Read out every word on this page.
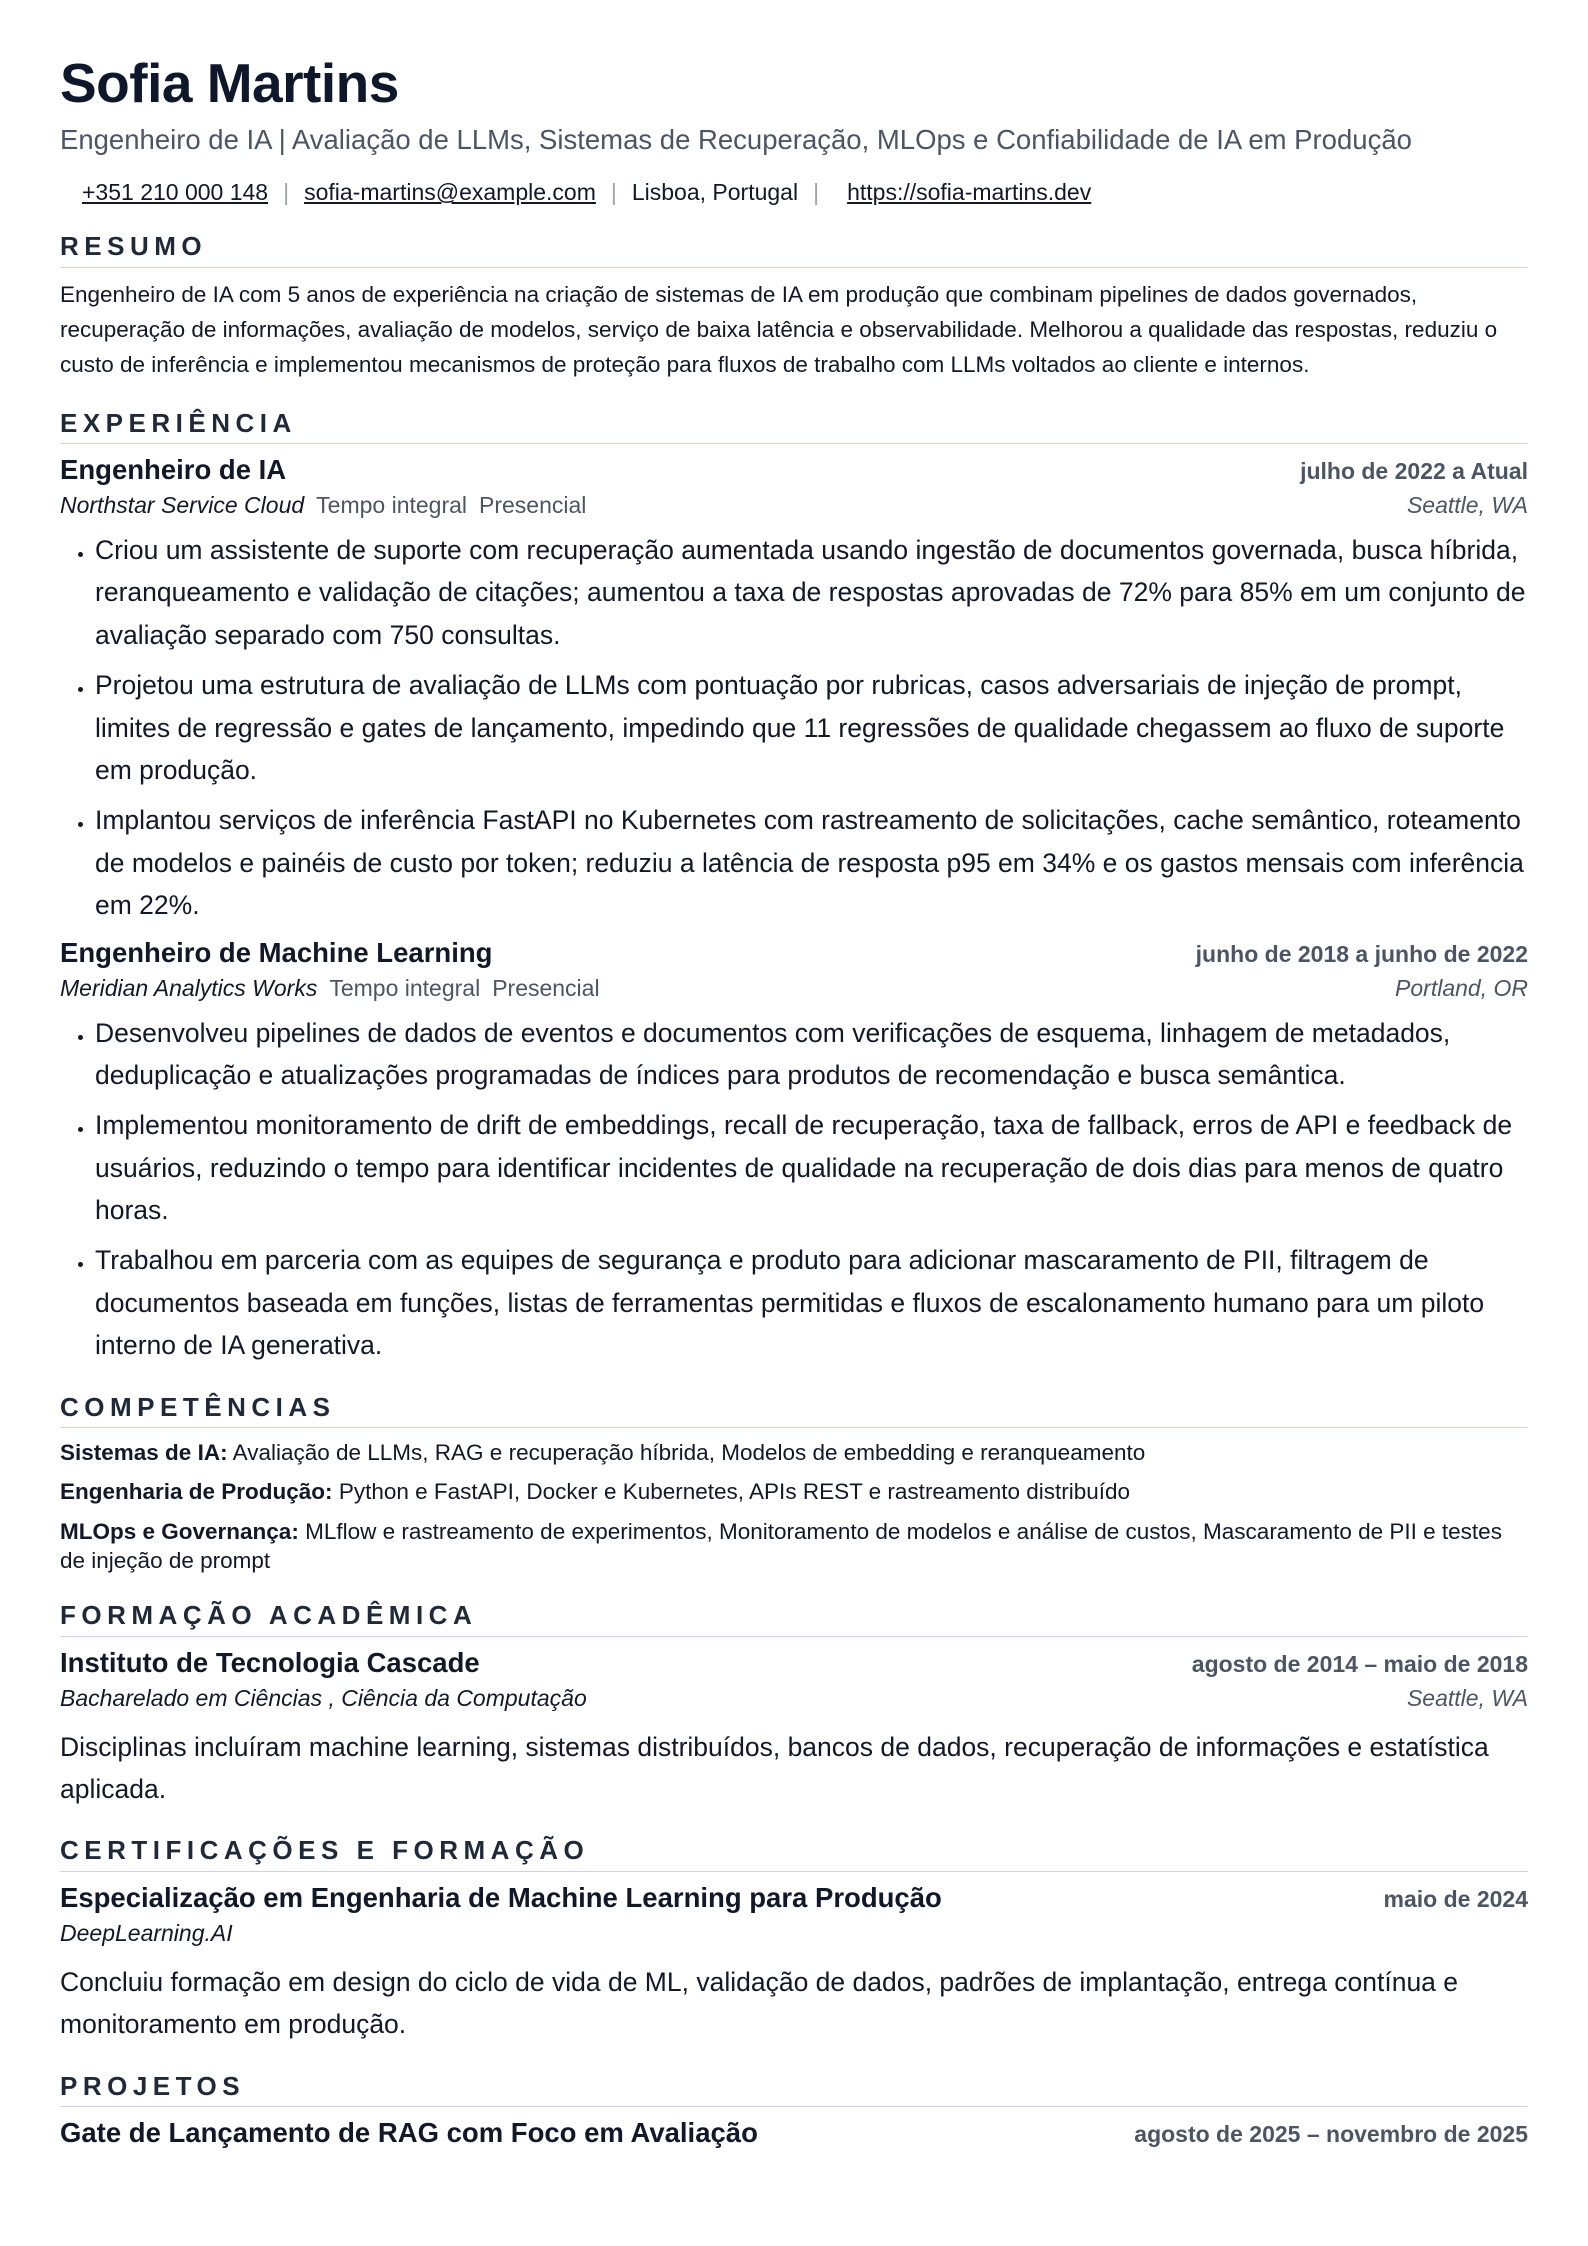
Sofia Martins
Engenheiro de IA | Avaliação de LLMs, Sistemas de Recuperação, MLOps e Confiabilidade de IA em Produção
+351 210 000 148 | sofia-martins@example.com | Lisboa, Portugal | https://sofia-martins.dev
RESUMO

Engenheiro de IA com 5 anos de experiência na criação de sistemas de IA em produção que combinam pipelines de dados governados, recuperação de informações, avaliação de modelos, serviço de baixa latência e observabilidade. Melhorou a qualidade das respostas, reduziu o custo de inferência e implementou mecanismos de proteção para fluxos de trabalho com LLMs voltados ao cliente e internos.

EXPERIÊNCIA
Engenheiro de IA	julho de 2022 a Atual
Northstar Service Cloud Tempo integral Presencial	Seattle, WA
• Criou um assistente de suporte com recuperação aumentada usando ingestão de documentos governada, busca híbrida, reranqueamento e validação de citações; aumentou a taxa de respostas aprovadas de 72% para 85% em um conjunto de avaliação separado com 750 consultas.
• Projetou uma estrutura de avaliação de LLMs com pontuação por rubricas, casos adversariais de injeção de prompt, limites de regressão e gates de lançamento, impedindo que 11 regressões de qualidade chegassem ao fluxo de suporte em produção.
• Implantou serviços de inferência FastAPI no Kubernetes com rastreamento de solicitações, cache semântico, roteamento de modelos e painéis de custo por token; reduziu a latência de resposta p95 em 34% e os gastos mensais com inferência em 22%.
Engenheiro de Machine Learning	junho de 2018 a junho de 2022
Meridian Analytics Works Tempo integral Presencial	Portland, OR
• Desenvolveu pipelines de dados de eventos e documentos com verificações de esquema, linhagem de metadados, deduplicação e atualizações programadas de índices para produtos de recomendação e busca semântica.
• Implementou monitoramento de drift de embeddings, recall de recuperação, taxa de fallback, erros de API e feedback de usuários, reduzindo o tempo para identificar incidentes de qualidade na recuperação de dois dias para menos de quatro horas.
• Trabalhou em parceria com as equipes de segurança e produto para adicionar mascaramento de PII, filtragem de documentos baseada em funções, listas de ferramentas permitidas e fluxos de escalonamento humano para um piloto interno de IA generativa.
COMPETÊNCIAS

Sistemas de IA: Avaliação de LLMs, RAG e recuperação híbrida, Modelos de embedding e reranqueamento

Engenharia de Produção: Python e FastAPI, Docker e Kubernetes, APIs REST e rastreamento distribuído

MLOps e Governança: MLflow e rastreamento de experimentos, Monitoramento de modelos e análise de custos, Mascaramento de PII e testes de injeção de prompt

FORMAÇÃO ACADÊMICA
Instituto de Tecnologia Cascade	agosto de 2014 – maio de 2018
Bacharelado em Ciências , Ciência da Computação	Seattle, WA

Disciplinas incluíram machine learning, sistemas distribuídos, bancos de dados, recuperação de informações e estatística aplicada.

CERTIFICAÇÕES E FORMAÇÃO
Especialização em Engenharia de Machine Learning para Produção	maio de 2024
DeepLearning.AI

Concluiu formação em design do ciclo de vida de ML, validação de dados, padrões de implantação, entrega contínua e monitoramento em produção.

PROJETOS
Gate de Lançamento de RAG com Foco em Avaliação	agosto de 2025 – novembro de 2025
